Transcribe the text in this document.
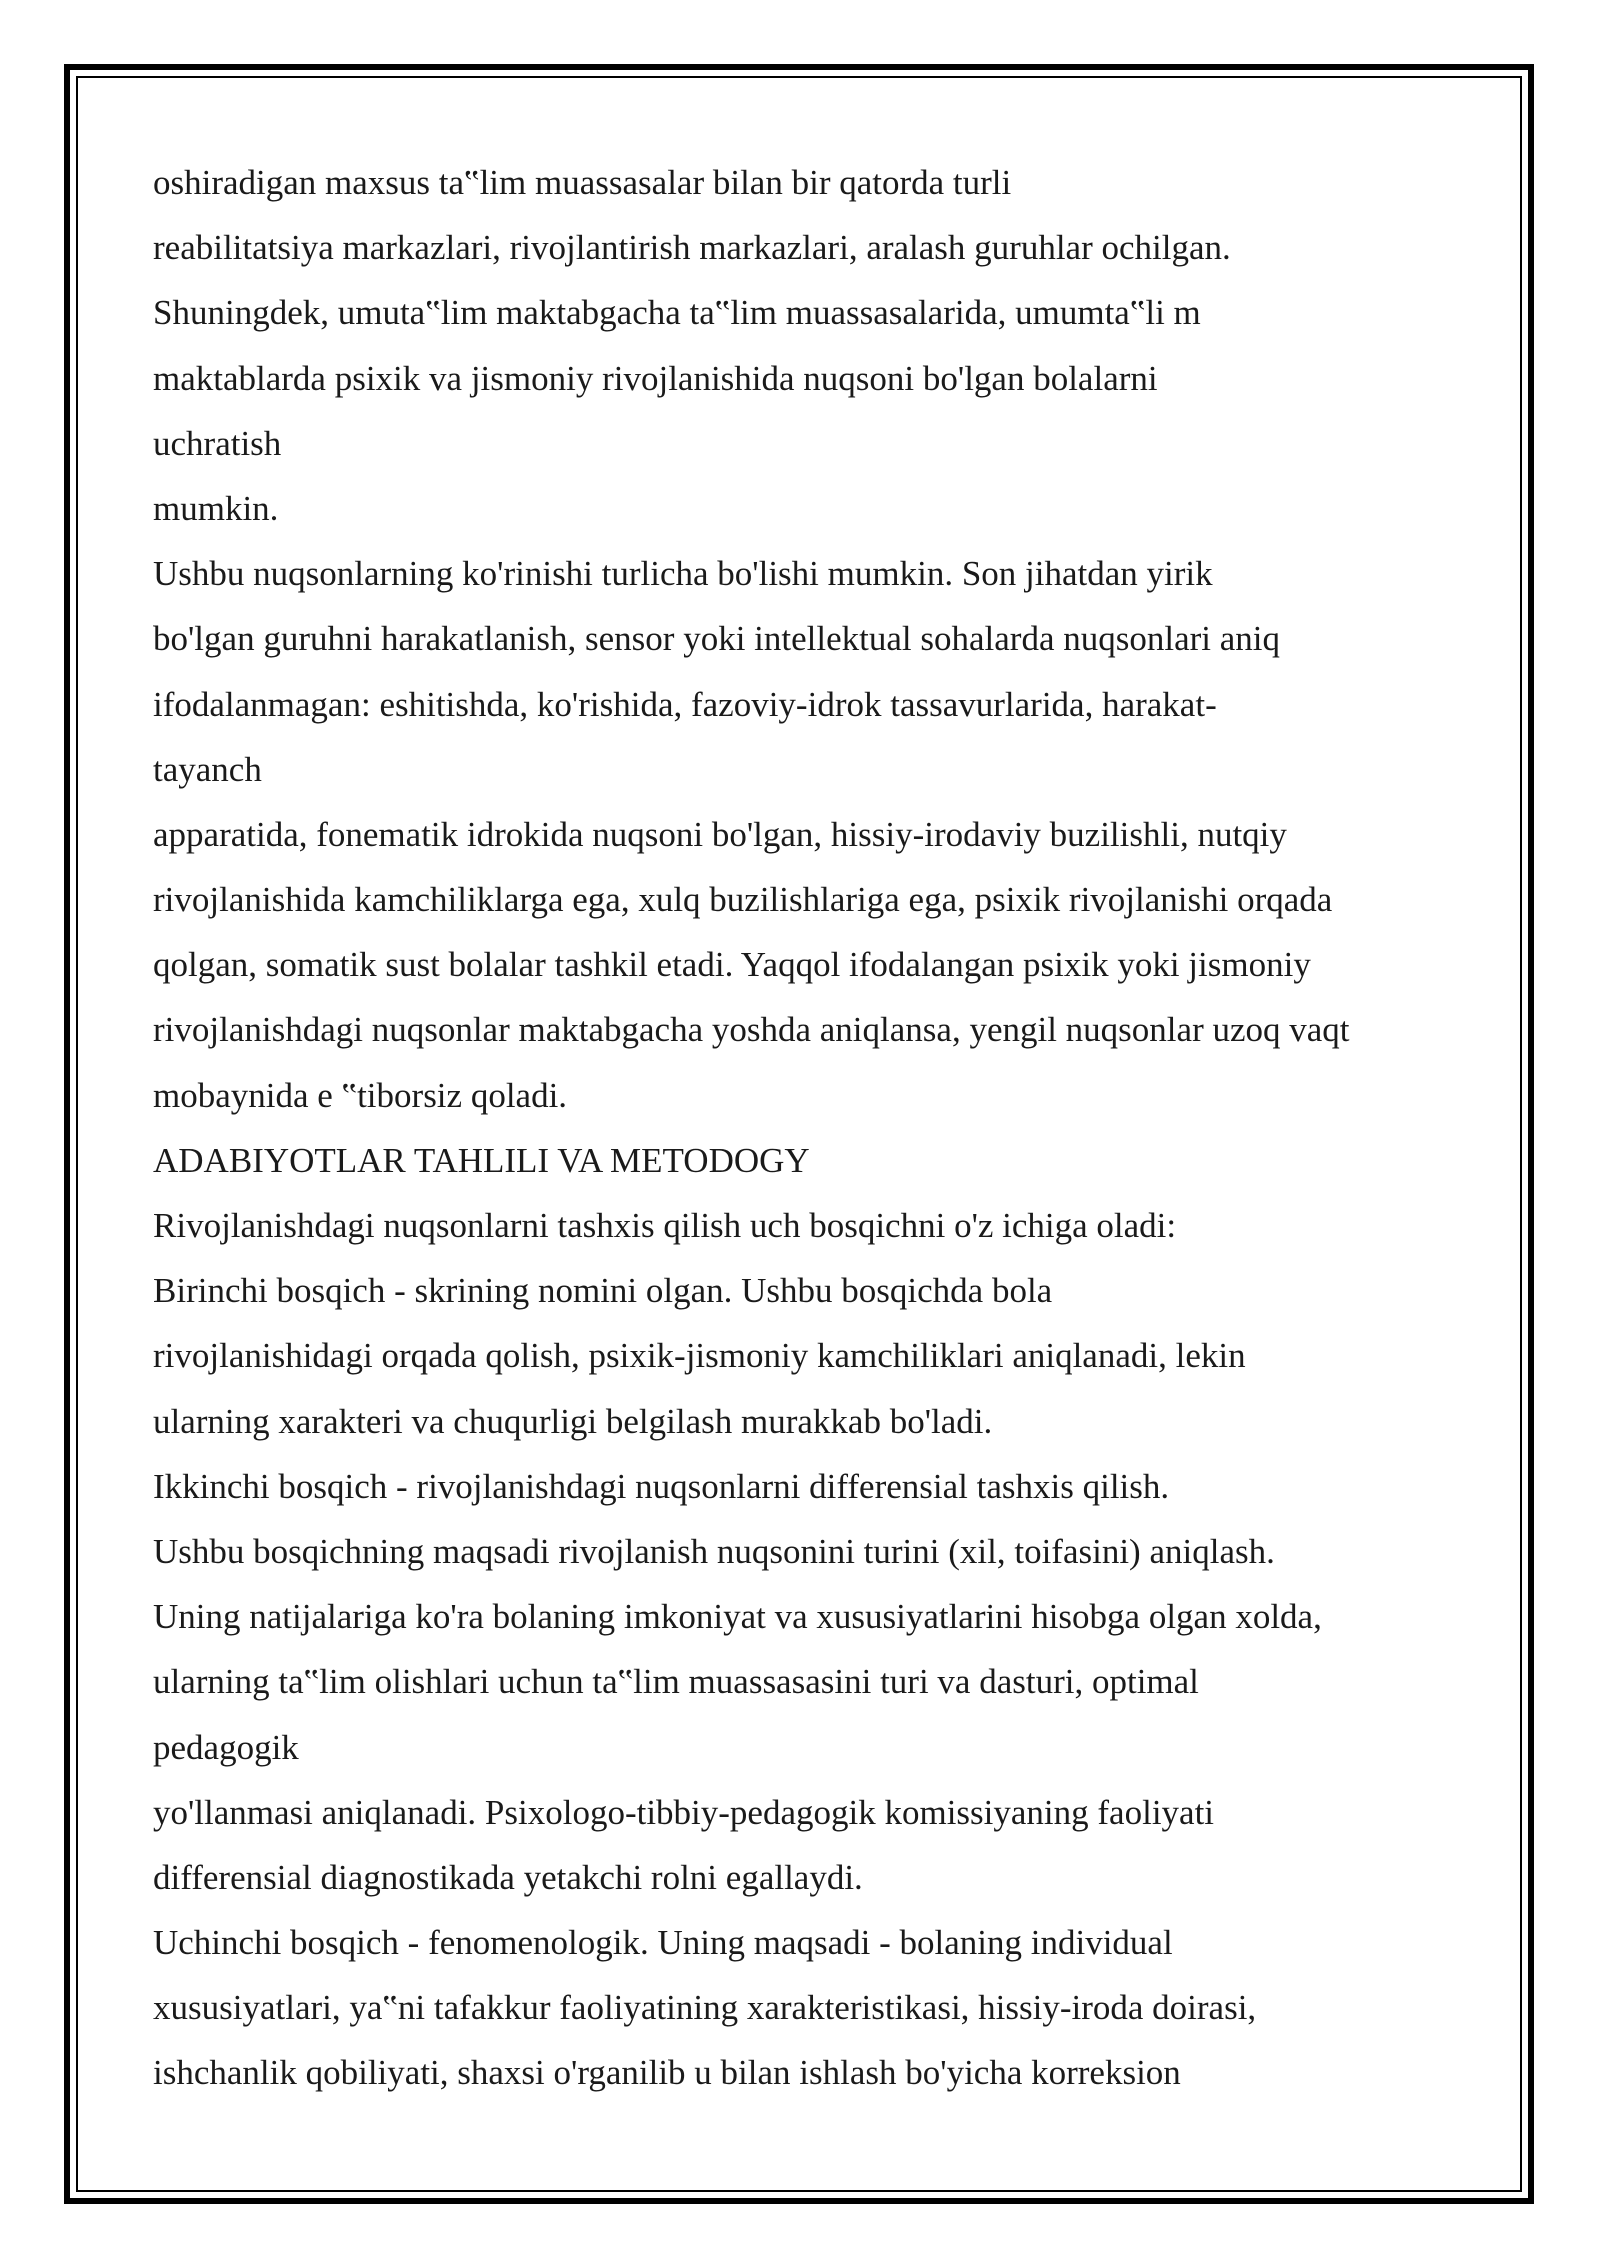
oshiradigan maxsus ta‟lim muassasalar bilan bir qatorda turli
reabilitatsiya markazlari, rivojlantirish markazlari, aralash guruhlar ochilgan.
Shuningdek, umuta‟lim maktabgacha ta‟lim muassasalarida, umumta‟li m
maktablarda psixik va jismoniy rivojlanishida nuqsoni bo'lgan bolalarni
uchratish
mumkin.
Ushbu nuqsonlarning ko'rinishi turlicha bo'lishi mumkin. Son jihatdan yirik
bo'lgan guruhni harakatlanish, sensor yoki intellektual sohalarda nuqsonlari aniq
ifodalanmagan: eshitishda, ko'rishida, fazoviy-idrok tassavurlarida, harakat-
tayanch
apparatida, fonematik idrokida nuqsoni bo'lgan, hissiy-irodaviy buzilishli, nutqiy
rivojlanishida kamchiliklarga ega, xulq buzilishlariga ega, psixik rivojlanishi orqada
qolgan, somatik sust bolalar tashkil etadi. Yaqqol ifodalangan psixik yoki jismoniy
rivojlanishdagi nuqsonlar maktabgacha yoshda aniqlansa, yengil nuqsonlar uzoq vaqt
mobaynida e ‟tiborsiz qoladi.
ADABIYOTLAR TAHLILI VA METODOGY
Rivojlanishdagi nuqsonlarni tashxis qilish uch bosqichni o'z ichiga oladi:
Birinchi bosqich - skrining nomini olgan. Ushbu bosqichda bola
rivojlanishidagi orqada qolish, psixik-jismoniy kamchiliklari aniqlanadi, lekin
ularning xarakteri va chuqurligi belgilash murakkab bo'ladi.
Ikkinchi bosqich - rivojlanishdagi nuqsonlarni differensial tashxis qilish.
Ushbu bosqichning maqsadi rivojlanish nuqsonini turini (xil, toifasini) aniqlash.
Uning natijalariga ko'ra bolaning imkoniyat va xususiyatlarini hisobga olgan xolda,
ularning ta‟lim olishlari uchun ta‟lim muassasasini turi va dasturi, optimal
pedagogik
yo'llanmasi aniqlanadi. Psixologo-tibbiy-pedagogik komissiyaning faoliyati
differensial diagnostikada yetakchi rolni egallaydi.
Uchinchi bosqich - fenomenologik. Uning maqsadi - bolaning individual
xususiyatlari, ya‟ni tafakkur faoliyatining xarakteristikasi, hissiy-iroda doirasi,
ishchanlik qobiliyati, shaxsi o'rganilib u bilan ishlash bo'yicha korreksion
